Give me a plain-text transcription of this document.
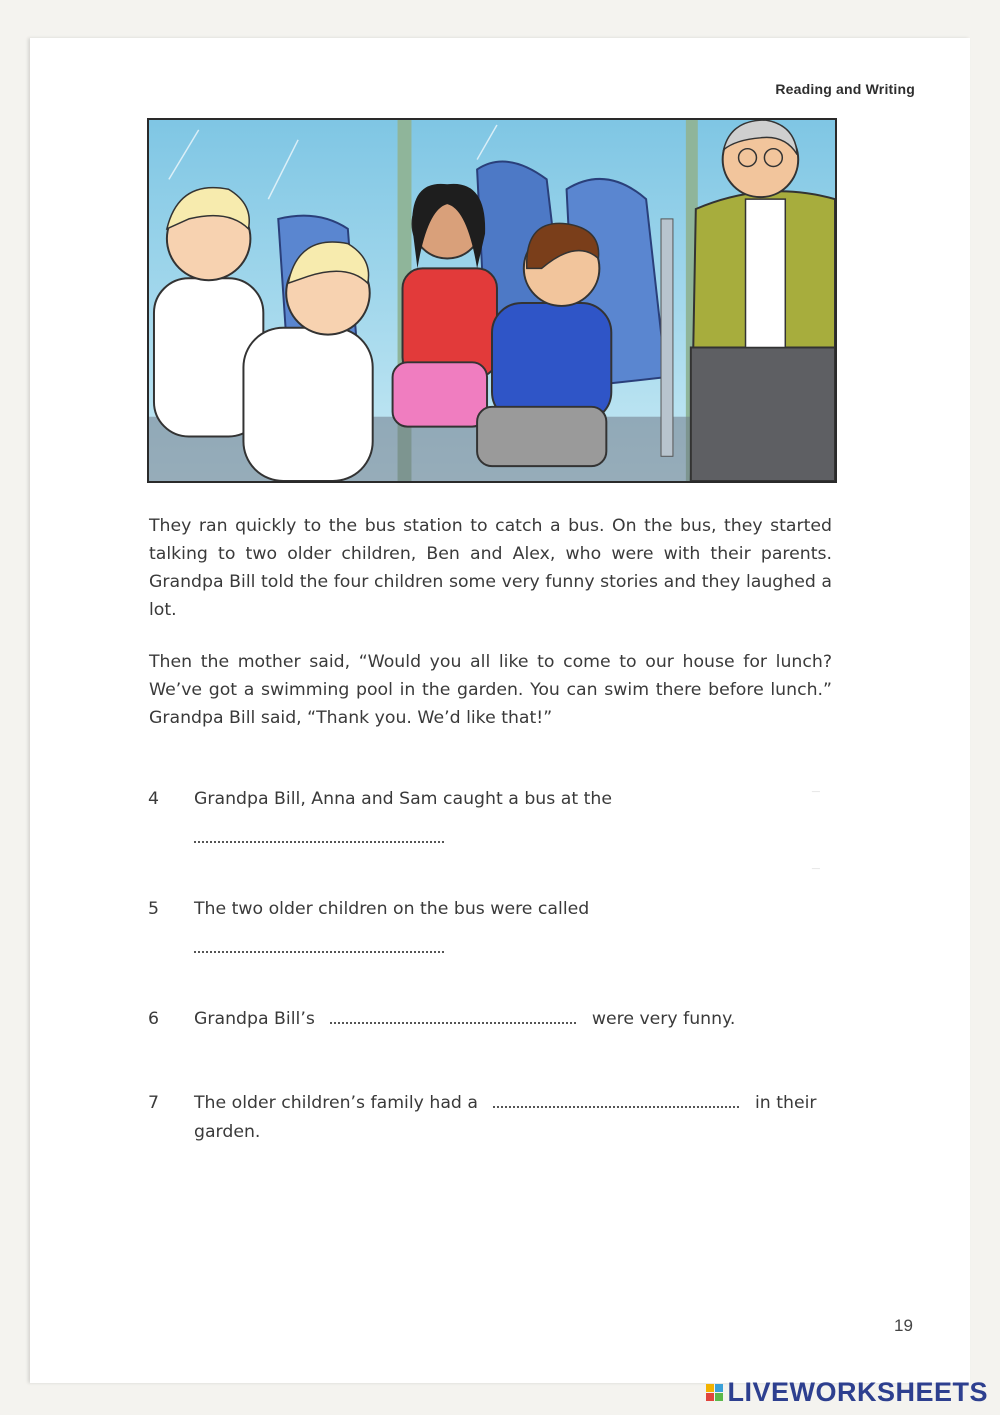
Reading and Writing

They ran quickly to the bus station to catch a bus. On the bus, they started talking to two older children, Ben and Alex, who were with their parents. Grandpa Bill told the four children some very funny stories and they laughed a lot.

Then the mother said, “Would you all like to come to our house for lunch? We’ve got a swimming pool in the garden. You can swim there before lunch.” Grandpa Bill said, “Thank you. We’d like that!”

─
─
4 Grandpa Bill, Anna and Sam caught a bus at the
5 The two older children on the bus were called
6 Grandpa Bill’s	were very funny.
7 The older children’s family had a	in their garden.
19
LIVEWORKSHEETS
